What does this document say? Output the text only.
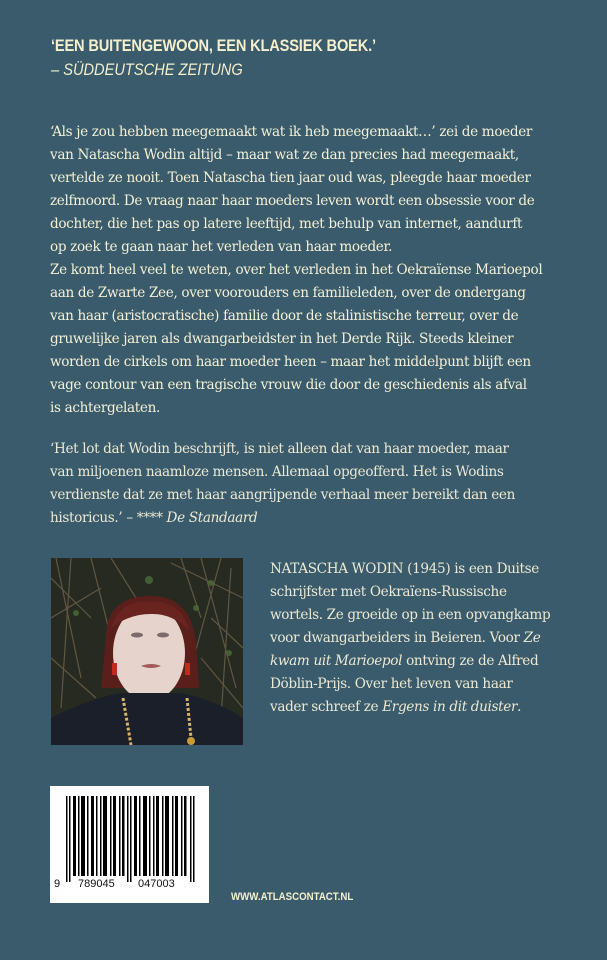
‘EEN BUITENGEWOON, EEN KLASSIEK BOEK.’
– SÜDDEUTSCHE ZEITUNG

‘Als je zou hebben meegemaakt wat ik heb meegemaakt…’ zei de moeder

van Natascha Wodin altijd – maar wat ze dan precies had meegemaakt,

vertelde ze nooit. Toen Natascha tien jaar oud was, pleegde haar moeder

zelfmoord. De vraag naar haar moeders leven wordt een obsessie voor de

dochter, die het pas op latere leeftijd, met behulp van internet, aandurft

op zoek te gaan naar het verleden van haar moeder.

Ze komt heel veel te weten, over het verleden in het Oekraïense Marioepol

aan de Zwarte Zee, over voorouders en familieleden, over de ondergang

van haar (aristocratische) familie door de stalinistische terreur, over de

gruwelijke jaren als dwangarbeidster in het Derde Rijk. Steeds kleiner

worden de cirkels om haar moeder heen – maar het middelpunt blijft een

vage contour van een tragische vrouw die door de geschiedenis als afval

is achtergelaten.

‘Het lot dat Wodin beschrijft, is niet alleen dat van haar moeder, maar

van miljoenen naamloze mensen. Allemaal opgeofferd. Het is Wodins

verdienste dat ze met haar aangrijpende verhaal meer bereikt dan een

historicus.’ – **** De Standaard

NATASCHA WODIN (1945) is een Duitse

schrijfster met Oekraïens-Russische

wortels. Ze groeide op in een opvangkamp

voor dwangarbeiders in Beieren. Voor Ze

kwam uit Marioepol ontving ze de Alfred

Döblin-Prijs. Over het leven van haar

vader schreef ze Ergens in dit duister.

9 789045 047003
WWW.ATLASCONTACT.NL
